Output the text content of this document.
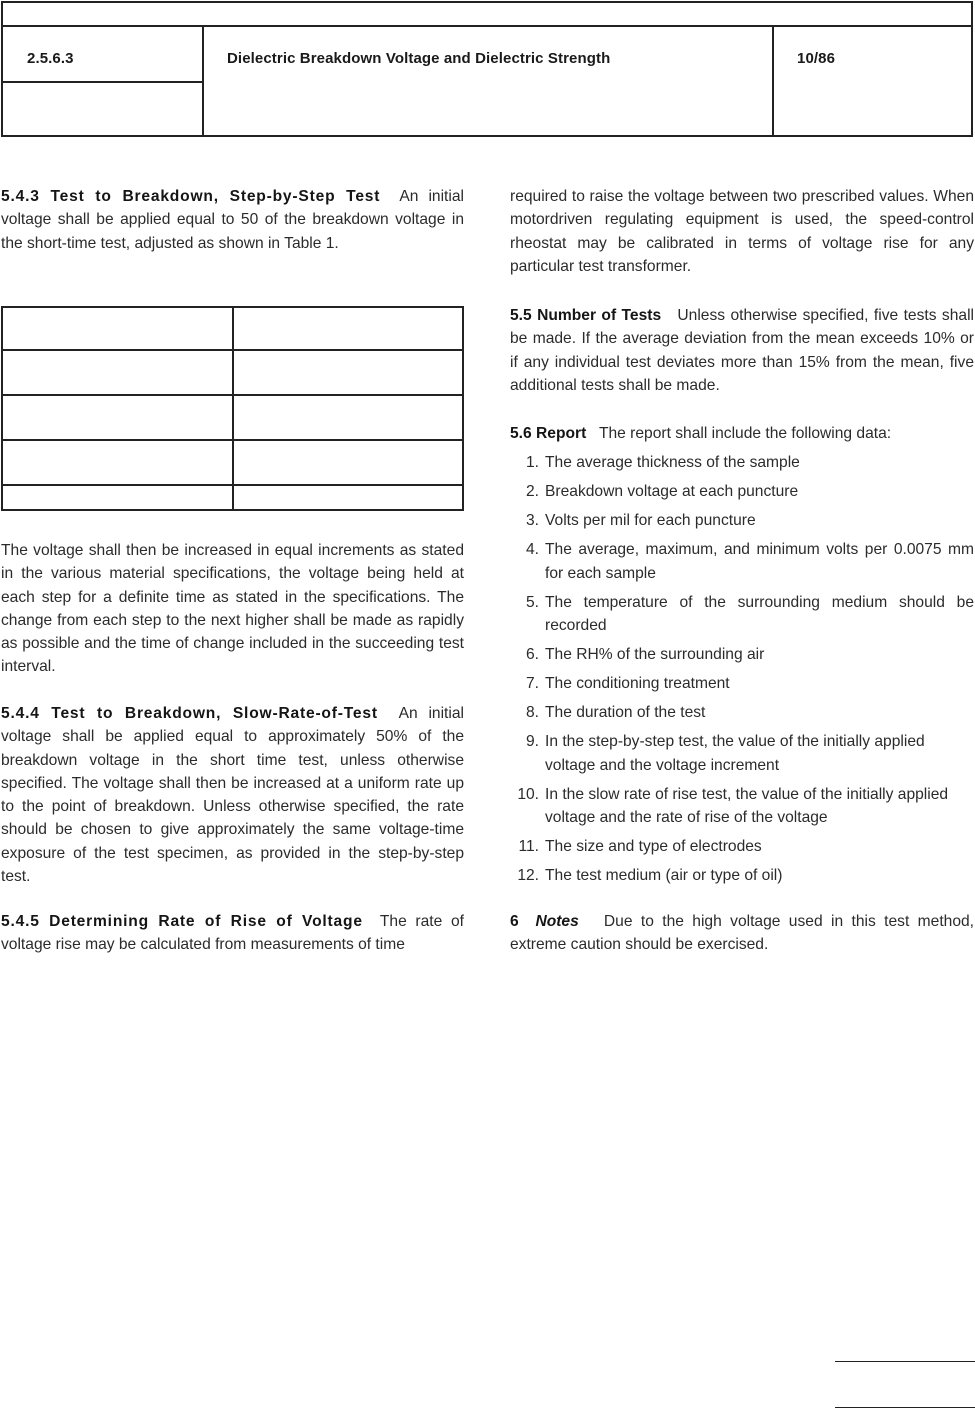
2.5.6.3	Dielectric Breakdown Voltage and Dielectric Strength	10/86

5.4.3 Test to Breakdown, Step-by-Step Test An initial voltage shall be applied equal to 50 of the breakdown voltage in the short-time test, adjusted as shown in Table 1.

The voltage shall then be increased in equal increments as stated in the various material specifications, the voltage being held at each step for a definite time as stated in the specifications. The change from each step to the next higher shall be made as rapidly as possible and the time of change included in the succeeding test interval.

5.4.4 Test to Breakdown, Slow-Rate-of-Test An initial voltage shall be applied equal to approximately 50% of the breakdown voltage in the short time test, unless otherwise specified. The voltage shall then be increased at a uniform rate up to the point of breakdown. Unless otherwise specified, the rate should be chosen to give approximately the same voltage-time exposure of the test specimen, as provided in the step-by-step test.

5.4.5 Determining Rate of Rise of Voltage The rate of voltage rise may be calculated from measurements of time

required to raise the voltage between two prescribed values. When motordriven regulating equipment is used, the speed-control rheostat may be calibrated in terms of voltage rise for any particular test transformer.

5.5 Number of Tests Unless otherwise specified, five tests shall be made. If the average deviation from the mean exceeds 10% or if any individual test deviates more than 15% from the mean, five additional tests shall be made.

5.6 Report The report shall include the following data:

1. The average thickness of the sample
2. Breakdown voltage at each puncture
3. Volts per mil for each puncture
4. The average, maximum, and minimum volts per 0.0075 mm for each sample
5. The temperature of the surrounding medium should be recorded
6. The RH% of the surrounding air
7. The conditioning treatment
8. The duration of the test
9. In the step-by-step test, the value of the initially applied voltage and the voltage increment
10. In the slow rate of rise test, the value of the initially applied voltage and the rate of rise of the voltage
11. The size and type of electrodes
12. The test medium (air or type of oil)

6 Notes Due to the high voltage used in this test method, extreme caution should be exercised.
